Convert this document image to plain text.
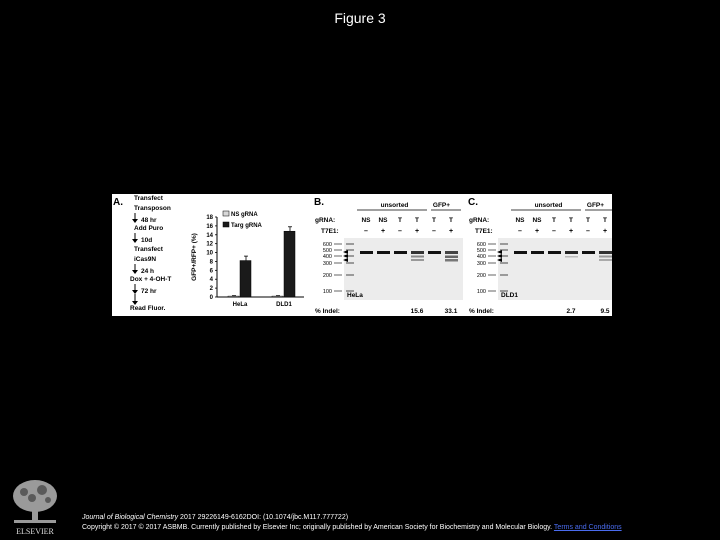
Figure 3
A. Transfect
Transposon
48 hr
Add Puro
10d
Transfect
iCas9N
24 h
Dox + 4-OH-T
72 hr
Read Fluor.
0
2
4
6
8
10
12
14
16
18
GFP+/RFP+ (%)
HeLa	DLD1
NS gRNA
Targ gRNA
B.	unsorted	GFP+
gRNA:
T7E1:
NS NS T T T T
– + – + – +
600
500
400
300
200
100 HeLa
% Indel:	15.6	33.1
C.	unsorted	GFP+
gRNA:
T7E1:
NS NS T T T T
– + – + – +
600
500
400
300
200
100 DLD1
% Indel:	2.7	9.5
ELSEVIER
Journal of Biological Chemistry 2017 29226149-6162DOI: (10.1074/jbc.M117.777722)
Copyright © 2017 © 2017 ASBMB. Currently published by Elsevier Inc; originally published by American Society for Biochemistry and Molecular Biology. Terms and Conditions
